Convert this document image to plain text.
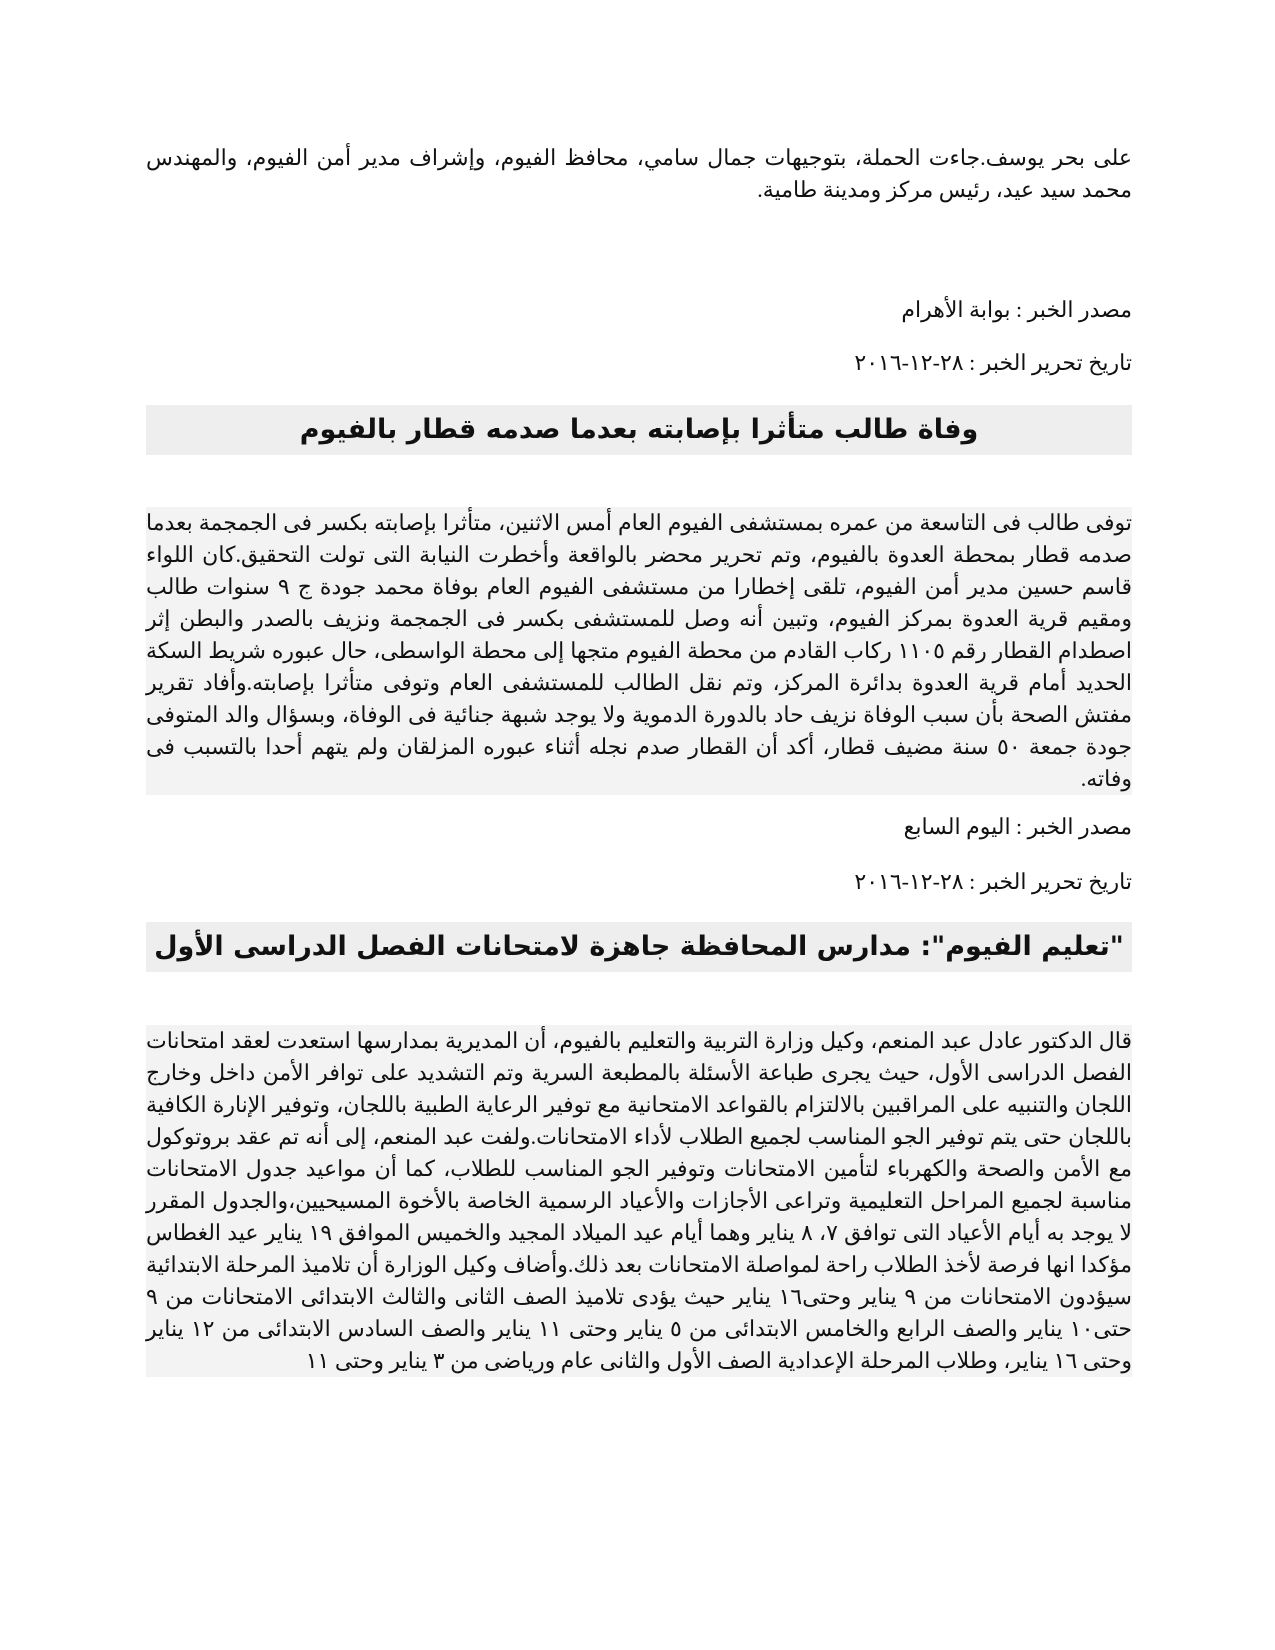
على بحر يوسف.جاءت الحملة، بتوجيهات جمال سامي، محافظ الفيوم، وإشراف مدير أمن الفيوم، والمهندس محمد سيد عيد، رئيس مركز ومدينة طامية.

مصدر الخبر : بوابة الأهرام

تاريخ تحرير الخبر : ٢٨-١٢-٢٠١٦

وفاة طالب متأثرا بإصابته بعدما صدمه قطار بالفيوم

توفى طالب فى التاسعة من عمره بمستشفى الفيوم العام أمس الاثنين، متأثرا بإصابته بكسر فى الجمجمة بعدما صدمه قطار بمحطة العدوة بالفيوم، وتم تحرير محضر بالواقعة وأخطرت النيابة التى تولت التحقيق.كان اللواء قاسم حسين مدير أمن الفيوم، تلقى إخطارا من مستشفى الفيوم العام بوفاة محمد جودة ج ٩ سنوات طالب ومقيم قرية العدوة بمركز الفيوم، وتبين أنه وصل للمستشفى بكسر فى الجمجمة ونزيف بالصدر والبطن إثر اصطدام القطار رقم ١١٠٥ ركاب القادم من محطة الفيوم متجها إلى محطة الواسطى، حال عبوره شريط السكة الحديد أمام قرية العدوة بدائرة المركز، وتم نقل الطالب للمستشفى العام وتوفى متأثرا بإصابته.وأفاد تقرير مفتش الصحة بأن سبب الوفاة نزيف حاد بالدورة الدموية ولا يوجد شبهة جنائية فى الوفاة، وبسؤال والد المتوفى جودة جمعة ٥٠ سنة مضيف قطار، أكد أن القطار صدم نجله أثناء عبوره المزلقان ولم يتهم أحدا بالتسبب فى وفاته.

مصدر الخبر : اليوم السابع

تاريخ تحرير الخبر : ٢٨-١٢-٢٠١٦

"تعليم الفيوم": مدارس المحافظة جاهزة لامتحانات الفصل الدراسى الأول

قال الدكتور عادل عبد المنعم، وكيل وزارة التربية والتعليم بالفيوم، أن المديرية بمدارسها استعدت لعقد امتحانات الفصل الدراسى الأول، حيث يجرى طباعة الأسئلة بالمطبعة السرية وتم التشديد على توافر الأمن داخل وخارج اللجان والتنبيه على المراقبين بالالتزام بالقواعد الامتحانية مع توفير الرعاية الطبية باللجان، وتوفير الإنارة الكافية باللجان حتى يتم توفير الجو المناسب لجميع الطلاب لأداء الامتحانات.ولفت عبد المنعم، إلى أنه تم عقد بروتوكول مع الأمن والصحة والكهرباء لتأمين الامتحانات وتوفير الجو المناسب للطلاب، كما أن مواعيد جدول الامتحانات مناسبة لجميع المراحل التعليمية وتراعى الأجازات والأعياد الرسمية الخاصة بالأخوة المسيحيين،والجدول المقرر لا يوجد به أيام الأعياد التى توافق ٧، ٨ يناير وهما أيام عيد الميلاد المجيد والخميس الموافق ١٩ يناير عيد الغطاس مؤكدا انها فرصة لأخذ الطلاب راحة لمواصلة الامتحانات بعد ذلك.وأضاف وكيل الوزارة أن تلاميذ المرحلة الابتدائية سيؤدون الامتحانات من ٩ يناير وحتى١٦ يناير حيث يؤدى تلاميذ الصف الثانى والثالث الابتدائى الامتحانات من ٩ حتى١٠ يناير والصف الرابع والخامس الابتدائى من ٥ يناير وحتى ١١ يناير والصف السادس الابتدائى من ١٢ يناير وحتى ١٦ يناير، وطلاب المرحلة الإعدادية الصف الأول والثانى عام ورياضى من ٣ يناير وحتى ١١
